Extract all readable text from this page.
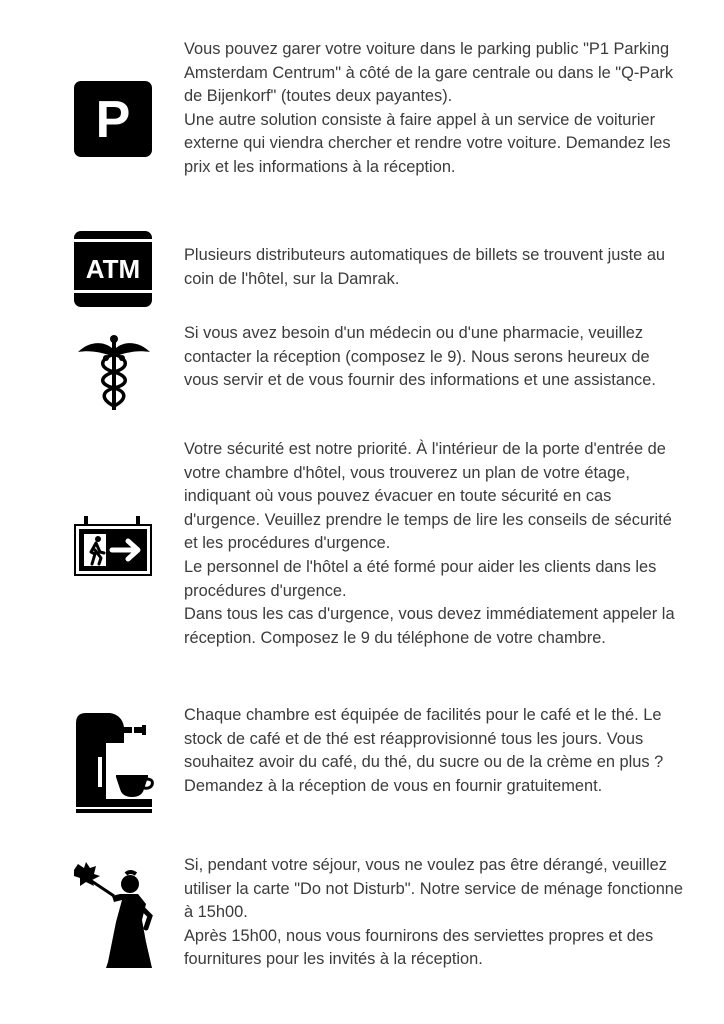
P

Vous pouvez garer votre voiture dans le parking public "P1 Parking Amsterdam Centrum" à côté de la gare centrale ou dans le "Q-Park de Bijenkorf" (toutes deux payantes).

Une autre solution consiste à faire appel à un service de voiturier externe qui viendra chercher et rendre votre voiture. Demandez les prix et les informations à la réception.

ATM	Plusieurs distributeurs automatiques de billets se trouvent juste au coin de l'hôtel, sur la Damrak.

Si vous avez besoin d'un médecin ou d'une pharmacie, veuillez contacter la réception (composez le 9). Nous serons heureux de vous servir et de vous fournir des informations et une assistance.

Votre sécurité est notre priorité. À l'intérieur de la porte d'entrée de votre chambre d'hôtel, vous trouverez un plan de votre étage, indiquant où vous pouvez évacuer en toute sécurité en cas d'urgence. Veuillez prendre le temps de lire les conseils de sécurité et les procédures d'urgence.

Le personnel de l'hôtel a été formé pour aider les clients dans les procédures d'urgence.

Dans tous les cas d'urgence, vous devez immédiatement appeler la réception. Composez le 9 du téléphone de votre chambre.

Chaque chambre est équipée de facilités pour le café et le thé. Le stock de café et de thé est réapprovisionné tous les jours. Vous souhaitez avoir du café, du thé, du sucre ou de la crème en plus ? Demandez à la réception de vous en fournir gratuitement.

Si, pendant votre séjour, vous ne voulez pas être dérangé, veuillez utiliser la carte "Do not Disturb". Notre service de ménage fonctionne à 15h00.

Après 15h00, nous vous fournirons des serviettes propres et des fournitures pour les invités à la réception.
